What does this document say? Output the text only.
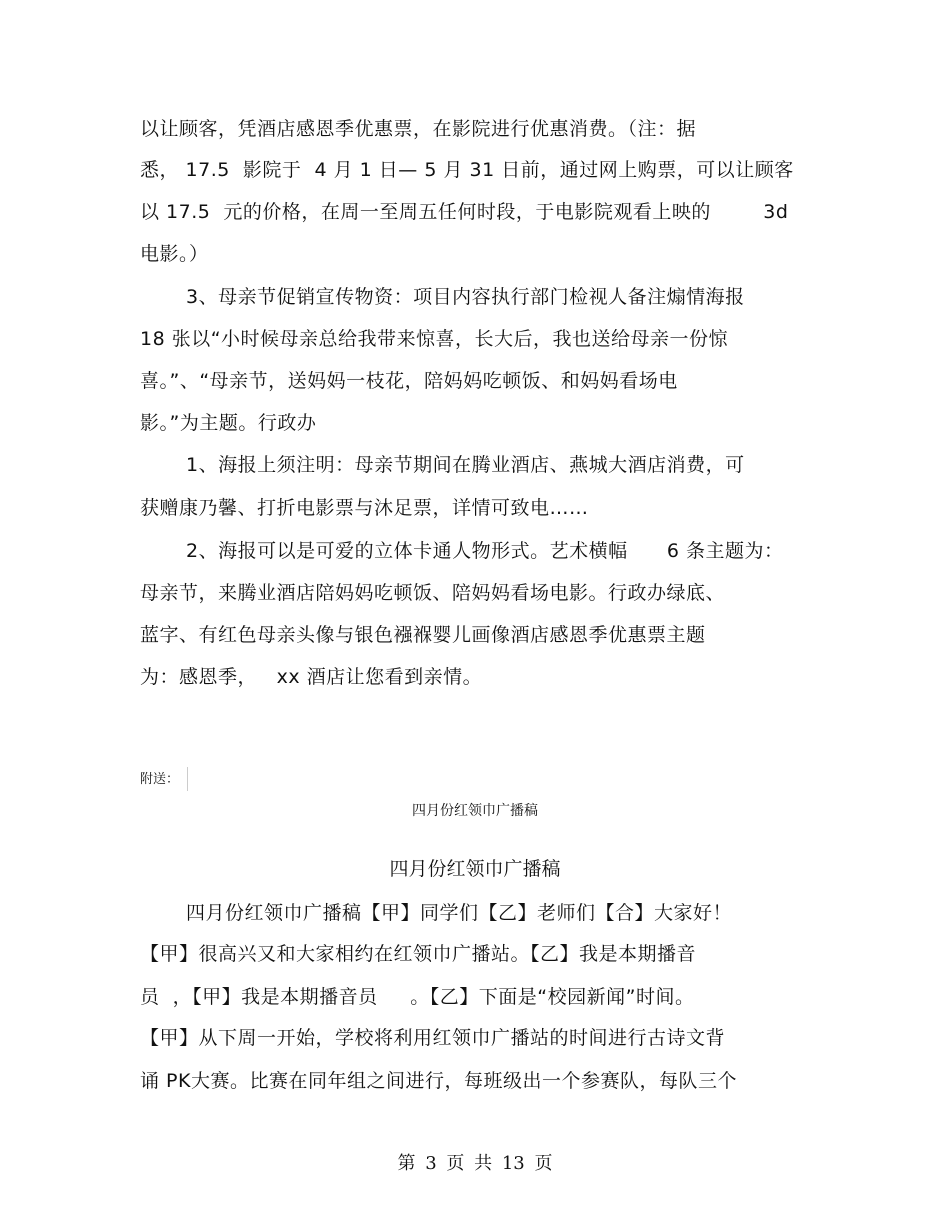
以让顾客，凭酒店感恩季优惠票，在影院进行优惠消费。（注：据
悉， 17.5  影院于  4 月 1 日— 5 月 31 日前，通过网上购票，可以让顾客
以 17.5  元的价格，在周一至周五任何时段，于电影院观看上映的        3d
电影。）
3、母亲节促销宣传物资：项目内容执行部门检视人备注煽情海报
18 张以“小时候母亲总给我带来惊喜，长大后，我也送给母亲一份惊
喜。”、“母亲节，送妈妈一枝花，陪妈妈吃顿饭、和妈妈看场电
影。”为主题。行政办
1、海报上须注明：母亲节期间在腾业酒店、燕城大酒店消费，可
获赠康乃馨、打折电影票与沐足票，详情可致电……
2、海报可以是可爱的立体卡通人物形式。艺术横幅      6 条主题为：
母亲节，来腾业酒店陪妈妈吃顿饭、陪妈妈看场电影。行政办绿底、
蓝字、有红色母亲头像与银色襁褓婴儿画像酒店感恩季优惠票主题
为：感恩季，   xx 酒店让您看到亲情。
附送：
四月份红领巾广播稿
四月份红领巾广播稿
四月份红领巾广播稿【甲】同学们【乙】老师们【合】大家好！
【甲】很高兴又和大家相约在红领巾广播站。【乙】我是本期播音
员  ，【甲】我是本期播音员     。【乙】下面是“校园新闻”时间。
【甲】从下周一开始，学校将利用红领巾广播站的时间进行古诗文背
诵 PK大赛。比赛在同年组之间进行，每班级出一个参赛队，每队三个
第 3 页 共 13 页
